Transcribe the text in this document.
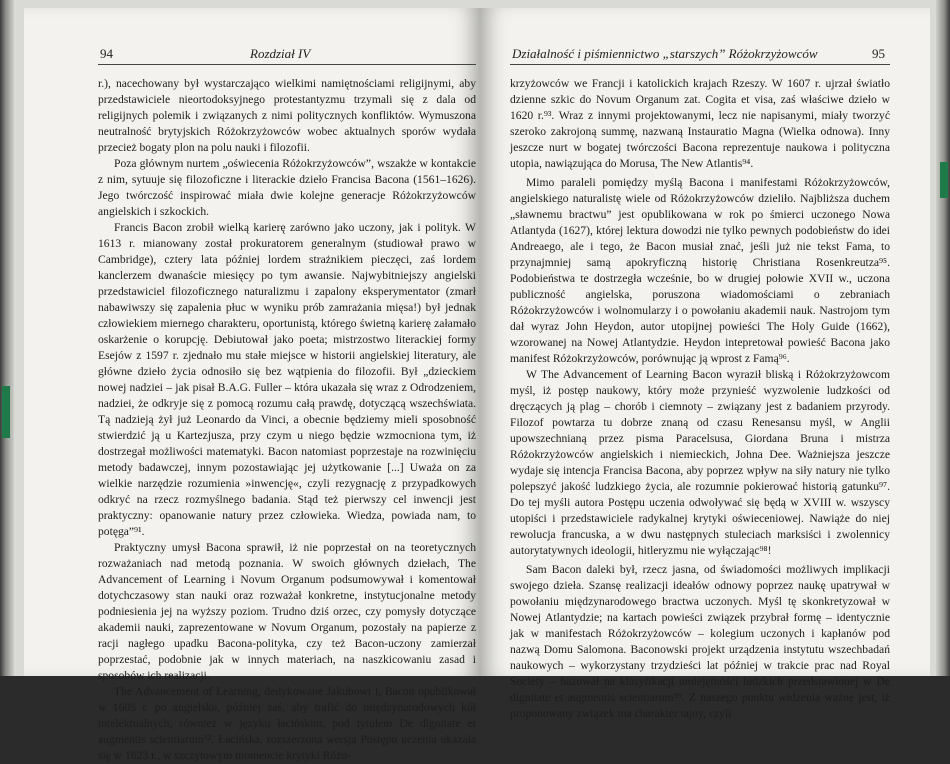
94	Rozdział IV

r.), nacechowany był wystarczająco wielkimi namiętnościami religijnymi, aby przedstawiciele nieortodoksyjnego protestantyzmu trzymali się z dala od religijnych polemik i związanych z nimi politycznych konfliktów. Wymuszona neutralność brytyjskich Różokrzyżowców wobec aktualnych sporów wydała przecież bogaty plon na polu nauki i filozofii.

Poza głównym nurtem „oświecenia Różokrzyżowców”, wszakże w kontakcie z nim, sytuuje się filozoficzne i literackie dzieło Francisa Bacona (1561–1626). Jego twórczość inspirować miała dwie kolejne generacje Różokrzyżowców angielskich i szkockich.

Francis Bacon zrobił wielką karierę zarówno jako uczony, jak i polityk. W 1613 r. mianowany został prokuratorem generalnym (studiował prawo w Cambridge), cztery lata później lordem strażnikiem pieczęci, zaś lordem kanclerzem dwanaście miesięcy po tym awansie. Najwybitniejszy angielski przedstawiciel filozoficznego naturalizmu i zapalony eksperymentator (zmarł nabawiwszy się zapalenia płuc w wyniku prób zamrażania mięsa!) był jednak człowiekiem miernego charakteru, oportunistą, którego świetną karierę załamało oskarżenie o korupcję. Debiutował jako poeta; mistrzostwo literackiej formy Esejów z 1597 r. zjednało mu stałe miejsce w historii angielskiej literatury, ale główne dzieło życia odnosiło się bez wątpienia do filozofii. Był „dzieckiem nowej nadziei – jak pisał B.A.G. Fuller – która ukazała się wraz z Odrodzeniem, nadziei, że odkryje się z pomocą rozumu całą prawdę, dotyczącą wszechświata. Tą nadzieją żył już Leonardo da Vinci, a obecnie będziemy mieli sposobność stwierdzić ją u Kartezjusza, przy czym u niego będzie wzmocniona tym, iż dostrzegał możliwości matematyki. Bacon natomiast poprzestaje na rozwinięciu metody badawczej, innym pozostawiając jej użytkowanie [...] Uważa on za wielkie narzędzie rozumienia »inwencję«, czyli rezygnację z przypadkowych odkryć na rzecz rozmyślnego badania. Stąd też pierwszy cel inwencji jest praktyczny: opanowanie natury przez człowieka. Wiedza, powiada nam, to potęga”⁹¹.

Praktyczny umysł Bacona sprawił, iż nie poprzestał on na teoretycznych rozważaniach nad metodą poznania. W swoich głównych dziełach, The Advancement of Learning i Novum Organum podsumowywał i komentował dotychczasowy stan nauki oraz rozważał konkretne, instytucjonalne metody podniesienia jej na wyższy poziom. Trudno dziś orzec, czy pomysły dotyczące akademii nauki, zaprezentowane w Novum Organum, pozostały na papierze z racji nagłego upadku Bacona-polityka, czy też Bacon-uczony zamierzał poprzestać, podobnie jak w innych materiach, na naszkicowaniu zasad i sposobów ich realizacji.

The Advancement of Learning, dedykowane Jakubowi I, Bacon opublikował w 1605 r. po angielsku, później zaś, aby trafić do międzynarodowych kół intelektualnych, również w języku łacińskim, pod tytułem De dignitate et augmentis scientiarum⁹². Łacińska, rozszerzona wersja Postępu uczenia ukazała się w 1623 r., w szczytowym momencie krytyki Różo-

Działalność i piśmiennictwo „starszych” Różokrzyżowców	95

krzyżowców we Francji i katolickich krajach Rzeszy. W 1607 r. ujrzał światło dzienne szkic do Novum Organum zat. Cogita et visa, zaś właściwe dzieło w 1620 r.⁹³. Wraz z innymi projektowanymi, lecz nie napisanymi, miały tworzyć szeroko zakrojoną summę, nazwaną Instauratio Magna (Wielka odnowa). Inny jeszcze nurt w bogatej twórczości Bacona reprezentuje naukowa i polityczna utopia, nawiązująca do Morusa, The New Atlantis⁹⁴.

Mimo paraleli pomiędzy myślą Bacona i manifestami Różokrzyżowców, angielskiego naturalistę wiele od Różokrzyżowców dzieliło. Najbliższa duchem „sławnemu bractwu” jest opublikowana w rok po śmierci uczonego Nowa Atlantyda (1627), której lektura dowodzi nie tylko pewnych podobieństw do idei Andreaego, ale i tego, że Bacon musiał znać, jeśli już nie tekst Fama, to przynajmniej samą apokryficzną historię Christiana Rosenkreutza⁹⁵. Podobieństwa te dostrzegła wcześnie, bo w drugiej połowie XVII w., uczona publiczność angielska, poruszona wiadomościami o zebraniach Różokrzyżowców i wolnomularzy i o powołaniu akademii nauk. Nastrojom tym dał wyraz John Heydon, autor utopijnej powieści The Holy Guide (1662), wzorowanej na Nowej Atlantydzie. Heydon intepretował powieść Bacona jako manifest Różokrzyżowców, porównując ją wprost z Famą⁹⁶.

W The Advancement of Learning Bacon wyraził bliską i Różokrzyżowcom myśl, iż postęp naukowy, który może przynieść wyzwolenie ludzkości od dręczących ją plag – chorób i ciemnoty – związany jest z badaniem przyrody. Filozof powtarza tu dobrze znaną od czasu Renesansu myśl, w Anglii upowszechnianą przez pisma Paracelsusa, Giordana Bruna i mistrza Różokrzyżowców angielskich i niemieckich, Johna Dee. Ważniejsza jeszcze wydaje się intencja Francisa Bacona, aby poprzez wpływ na siły natury nie tylko polepszyć jakość ludzkiego życia, ale rozumnie pokierować historią gatunku⁹⁷. Do tej myśli autora Postępu uczenia odwoływać się będą w XVIII w. wszyscy utopiści i przedstawiciele radykalnej krytyki oświeceniowej. Nawiąże do niej rewolucja francuska, a w dwu następnych stuleciach marksiści i zwolennicy autorytatywnych ideologii, hitleryzmu nie wyłączając⁹⁸!

Sam Bacon daleki był, rzecz jasna, od świadomości możliwych implikacji swojego dzieła. Szansę realizacji ideałów odnowy poprzez naukę upatrywał w powołaniu międzynarodowego bractwa uczonych. Myśl tę skonkretyzował w Nowej Atlantydzie; na kartach powieści związek przybrał formę – identycznie jak w manifestach Różokrzyżowców – kolegium uczonych i kapłanów pod nazwą Domu Salomona. Baconowski projekt urządzenia instytutu wszechbadań naukowych – wykorzystany trzydzieści lat później w trakcie prac nad Royal Society – bazował na klasyfikacji umiejętności ludzkich przedstawionej w De dignitate et augmentis scientiarum⁹⁹. Z naszego punktu widzenia ważne jest, iż proponowany związek ma charakter tajny, czyli
